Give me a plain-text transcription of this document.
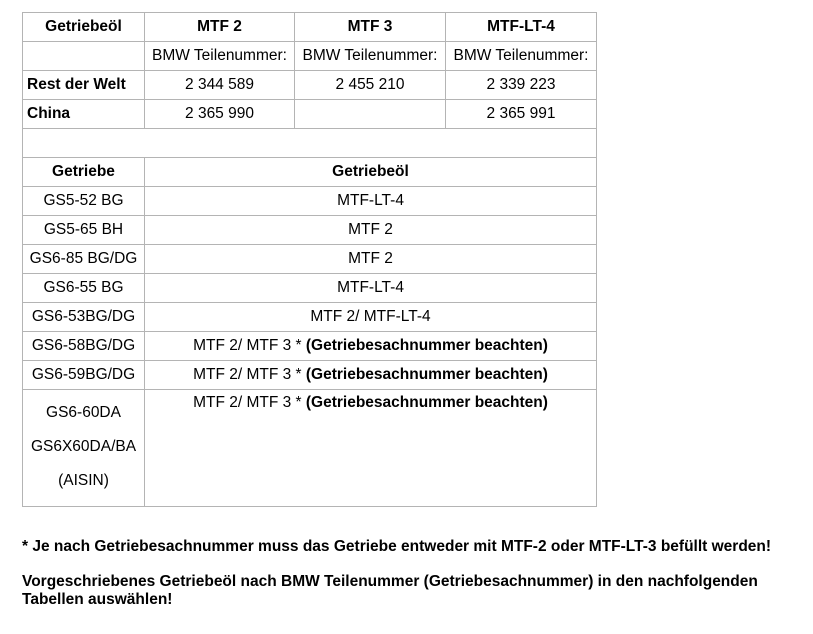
Getriebeöl	MTF 2	MTF 3	MTF-LT-4
	BMW Teilenummer:	BMW Teilenummer:	BMW Teilenummer:
Rest der Welt	2 344 589	2 455 210	2 339 223
China	2 365 990		2 365 991

Getriebe	Getriebeöl		
GS5-52 BG	MTF-LT-4		
GS5-65 BH	MTF 2		
GS6-85 BG/DG	MTF 2		
GS6-55 BG	MTF-LT-4		
GS6-53BG/DG	MTF 2/ MTF-LT-4		
GS6-58BG/DG	MTF 2/ MTF 3 * (Getriebesachnummer beachten)		
GS6-59BG/DG	MTF 2/ MTF 3 * (Getriebesachnummer beachten)		

GS6-60DA
GS6X60DA/BA
(AISIN)	MTF 2/ MTF 3 * (Getriebesachnummer beachten)		

* Je nach Getriebesachnummer muss das Getriebe entweder mit MTF-2 oder MTF-LT-3 befüllt werden!

Vorgeschriebenes Getriebeöl nach BMW Teilenummer (Getriebesachnummer) in den nachfolgenden Tabellen auswählen!
